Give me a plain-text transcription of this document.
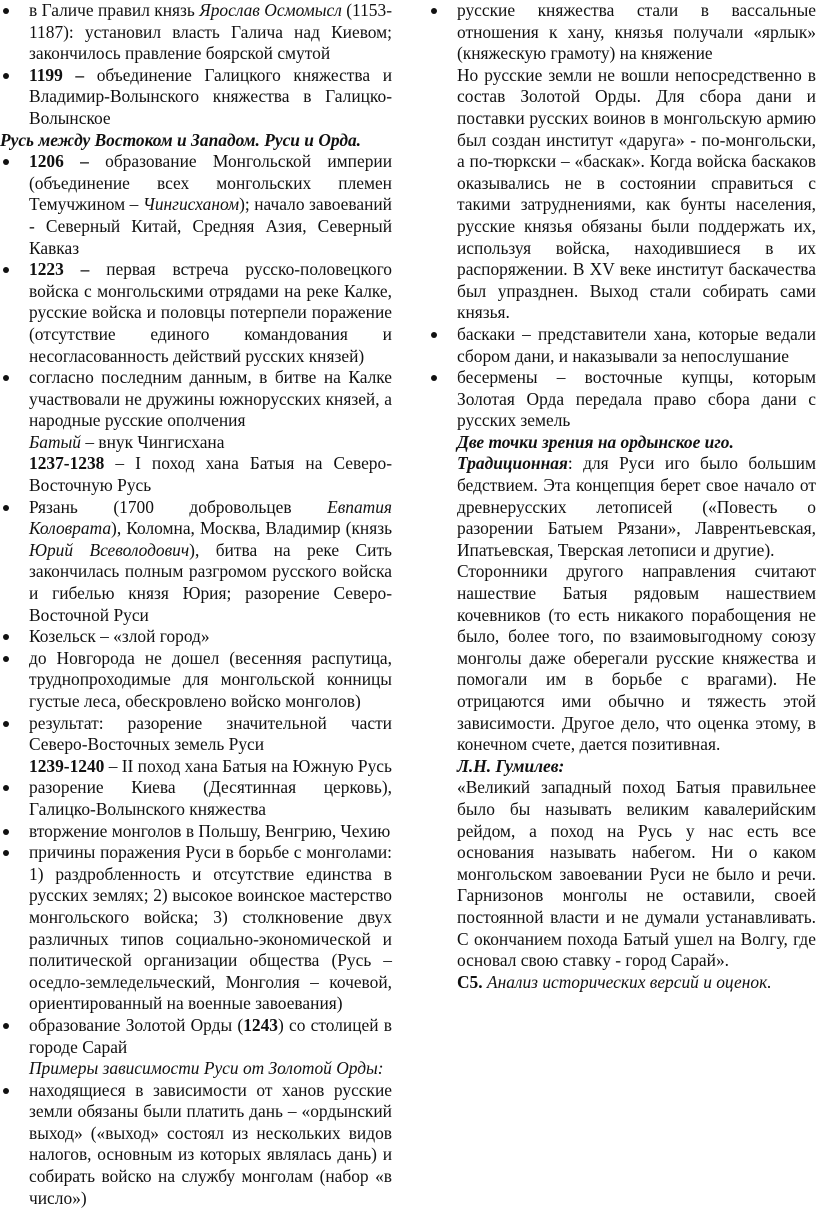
в Галиче правил князь Ярослав Осмомысл (1153-1187): установил власть Галича над Киевом; закончилось правление боярской смутой
1199 – объединение Галицкого княжества и Владимир-Волынского княжества в Галицко-Волынское
Русь между Востоком и Западом. Руси и Орда.
1206 – образование Монгольской империи (объединение всех монгольских племен Темучжином – Чингисханом); начало завоеваний - Северный Китай, Средняя Азия, Северный Кавказ
1223 – первая встреча русско-половецкого войска с монгольскими отрядами на реке Калке, русские войска и половцы потерпели поражение (отсутствие единого командования и несогласованность действий русских князей)
согласно последним данным, в битве на Калке участвовали не дружины южнорусских князей, а народные русские ополчения
Батый – внук Чингисхана
1237-1238 – I поход хана Батыя на Северо-Восточную Русь
Рязань (1700 добровольцев Евпатия Коловрата), Коломна, Москва, Владимир (князь Юрий Всеволодович), битва на реке Сить закончилась полным разгромом русского войска и гибелью князя Юрия; разорение Северо-Восточной Руси
Козельск – «злой город»
до Новгорода не дошел (весенняя распутица, труднопроходимые для монгольской конницы густые леса, обескровлено войско монголов)
результат: разорение значительной части Северо-Восточных земель Руси
1239-1240 – II поход хана Батыя на Южную Русь
разорение Киева (Десятинная церковь), Галицко-Волынского княжества
вторжение монголов в Польшу, Венгрию, Чехию
причины поражения Руси в борьбе с монголами: 1) раздробленность и отсутствие единства в русских землях; 2) высокое воинское мастерство монгольского войска; 3) столкновение двух различных типов социально-экономической и политической организации общества (Русь – оседло-земледельческий, Монголия – кочевой, ориентированный на военные завоевания)
образование Золотой Орды (1243) со столицей в городе Сарай
Примеры зависимости Руси от Золотой Орды:
находящиеся в зависимости от ханов русские земли обязаны были платить дань – «ордынский выход» («выход» состоял из нескольких видов налогов, основным из которых являлась дань) и собирать войско на службу монголам (набор «в число»)
русские княжества стали в вассальные отношения к хану, князья получали «ярлык» (княжескую грамоту) на княжение
Но русские земли не вошли непосредственно в состав Золотой Орды. Для сбора дани и поставки русских воинов в монгольскую армию был создан институт «даруга» - по-монгольски, а по-тюркски – «баскак». Когда войска баскаков оказывались не в состоянии справиться с такими затруднениями, как бунты населения, русские князья обязаны были поддержать их, используя войска, находившиеся в их распоряжении. В XV веке институт баскачества был упразднен. Выход стали собирать сами князья.
баскаки – представители хана, которые ведали сбором дани, и наказывали за непослушание
бесермены – восточные купцы, которым Золотая Орда передала право сбора дани с русских земель
Две точки зрения на ордынское иго.
Традиционная: для Руси иго было большим бедствием. Эта концепция берет свое начало от древнерусских летописей («Повесть о разорении Батыем Рязани», Лаврентьевская, Ипатьевская, Тверская летописи и другие).
Сторонники другого направления считают нашествие Батыя рядовым нашествием кочевников (то есть никакого порабощения не было, более того, по взаимовыгодному союзу монголы даже оберегали русские княжества и помогали им в борьбе с врагами). Не отрицаются ими обычно и тяжесть этой зависимости. Другое дело, что оценка этому, в конечном счете, дается позитивная.
Л.Н. Гумилев:
«Великий западный поход Батыя правильнее было бы называть великим кавалерийским рейдом, а поход на Русь у нас есть все основания называть набегом. Ни о каком монгольском завоевании Руси не было и речи. Гарнизонов монголы не оставили, своей постоянной власти и не думали устанавливать. С окончанием похода Батый ушел на Волгу, где основал свою ставку - город Сарай».
С5. Анализ исторических версий и оценок.
